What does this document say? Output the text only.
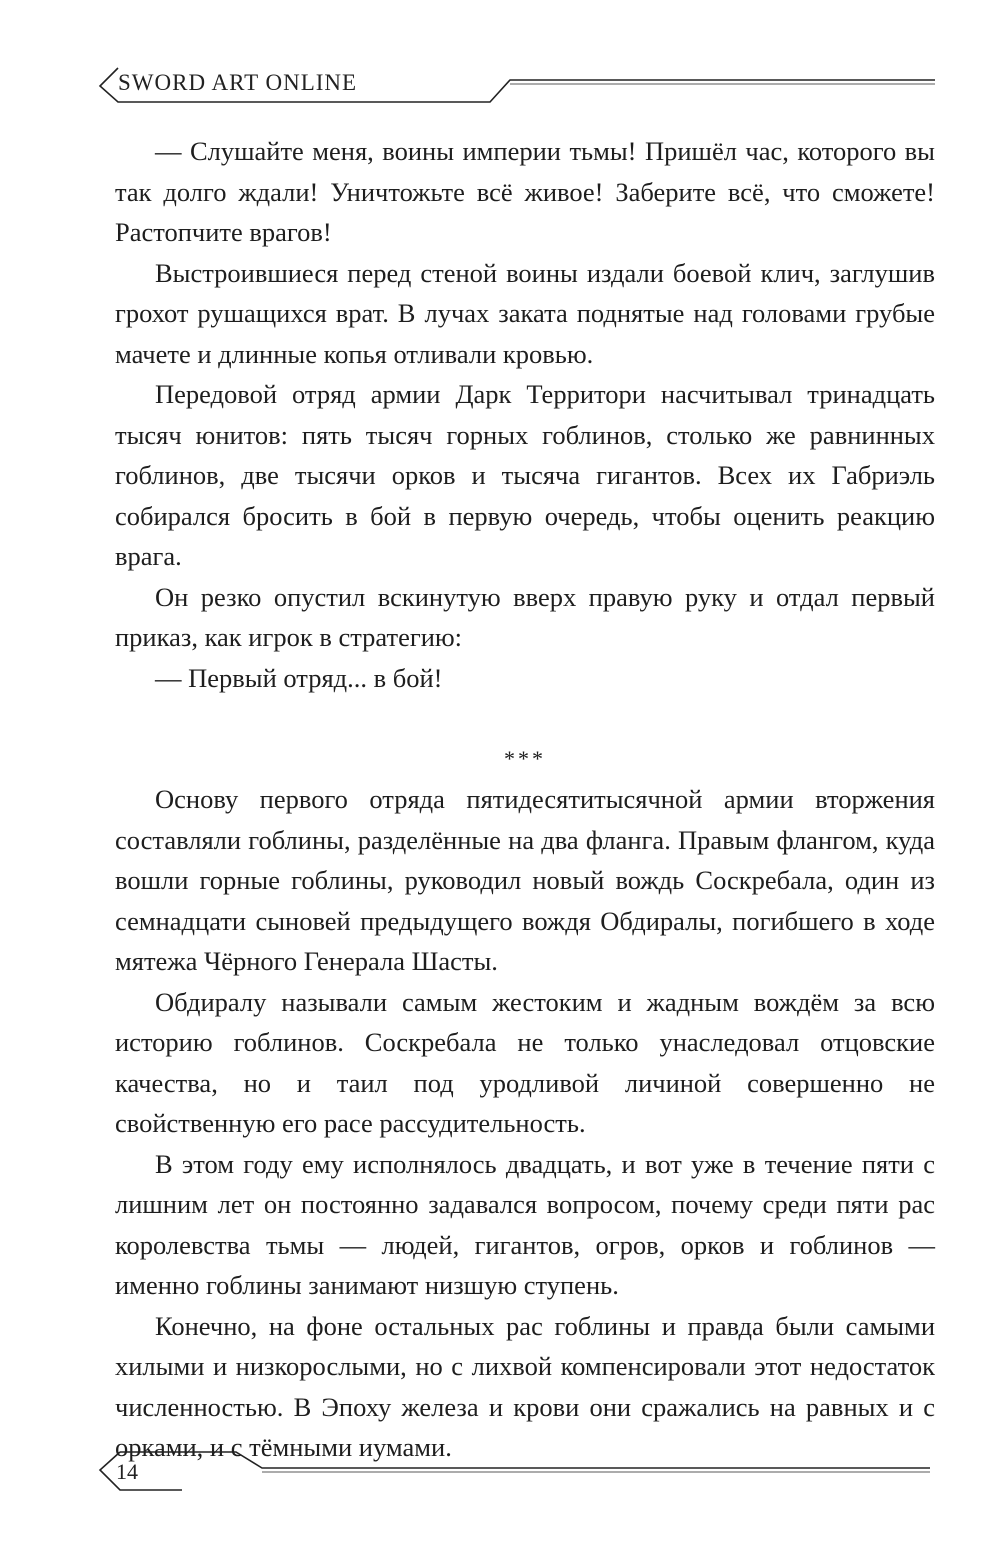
SWORD ART ONLINE

— Слушайте меня, воины империи тьмы! Пришёл час, которого вы так долго ждали! Уничтожьте всё живое! Заберите всё, что сможете! Растопчите врагов!

Выстроившиеся перед стеной воины издали боевой клич, заглушив грохот рушащихся врат. В лучах заката поднятые над головами грубые мачете и длинные копья отливали кровью.

Передовой отряд армии Дарк Территори насчитывал тринадцать тысяч юнитов: пять тысяч горных гоблинов, столько же равнинных гоблинов, две тысячи орков и тысяча гигантов. Всех их Габриэль собирался бросить в бой в первую очередь, чтобы оценить реакцию врага.

Он резко опустил вскинутую вверх правую руку и отдал первый приказ, как игрок в стратегию:

— Первый отряд... в бой!

***

Основу первого отряда пятидесятитысячной армии вторжения составляли гоблины, разделённые на два фланга. Правым флангом, куда вошли горные гоблины, руководил новый вождь Соскребала, один из семнадцати сыновей предыдущего вождя Обдиралы, погибшего в ходе мятежа Чёрного Генерала Шасты.

Обдиралу называли самым жестоким и жадным вождём за всю историю гоблинов. Соскребала не только унаследовал отцовские качества, но и таил под уродливой личиной совершенно не свойственную его расе рассудительность.

В этом году ему исполнялось двадцать, и вот уже в течение пяти с лишним лет он постоянно задавался вопросом, почему среди пяти рас королевства тьмы — людей, гигантов, огров, орков и гоблинов — именно гоблины занимают низшую ступень.

Конечно, на фоне остальных рас гоблины и правда были самыми хилыми и низкорослыми, но с лихвой компенсировали этот недостаток численностью. В Эпоху железа и крови они сражались на равных и с орками, и с тёмными иумами.

14
